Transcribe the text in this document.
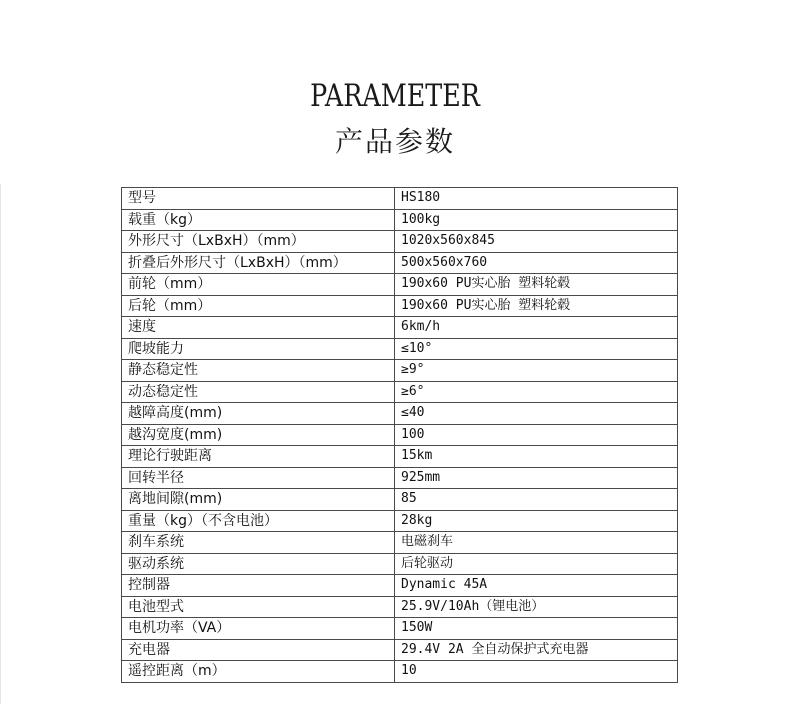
PARAMETER
产品参数
型号	HS180
载重（kg）	100kg
外形尺寸（LxBxH）（mm）	1020x560x845
折叠后外形尺寸（LxBxH）（mm）	500x560x760
前轮（mm）	190x60 PU实心胎 塑料轮毂
后轮（mm）	190x60 PU实心胎 塑料轮毂
速度	6km/h
爬坡能力	≤10°
静态稳定性	≥9°
动态稳定性	≥6°
越障高度(mm)	≤40
越沟宽度(mm)	100
理论行驶距离	15km
回转半径	925mm
离地间隙(mm)	85
重量（kg）（不含电池）	28kg
刹车系统	电磁刹车
驱动系统	后轮驱动
控制器	Dynamic 45A
电池型式	25.9V/10Ah（锂电池）
电机功率（VA）	150W
充电器	29.4V 2A 全自动保护式充电器
遥控距离（m）	10
